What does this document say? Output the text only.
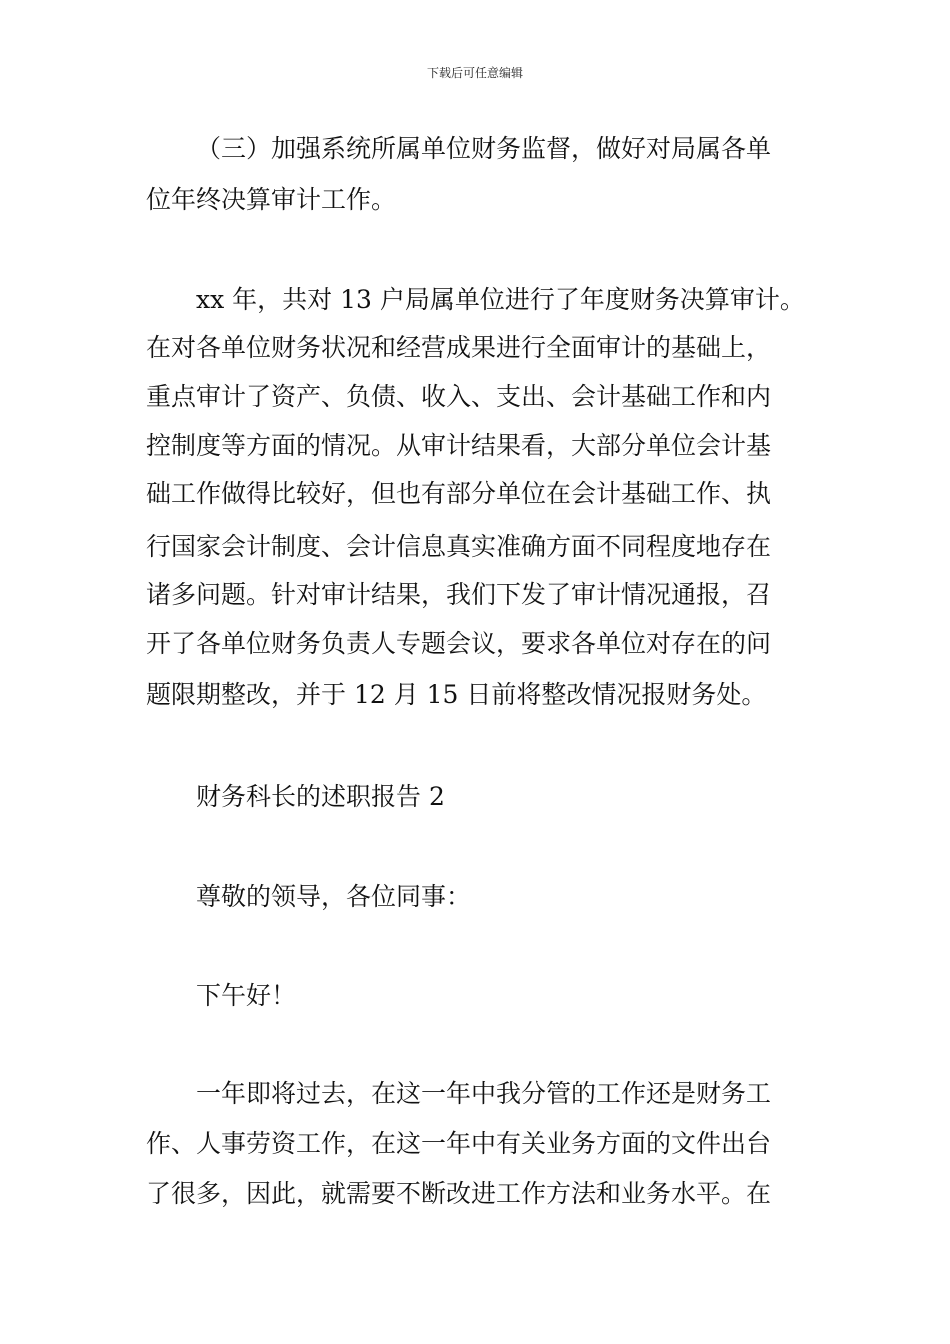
下载后可任意编辑
（三）加强系统所属单位财务监督，做好对局属各单
位年终决算审计工作。
xx 年，共对 13 户局属单位进行了年度财务决算审计。
在对各单位财务状况和经营成果进行全面审计的基础上，
重点审计了资产、负债、收入、支出、会计基础工作和内
控制度等方面的情况。从审计结果看，大部分单位会计基
础工作做得比较好，但也有部分单位在会计基础工作、执
行国家会计制度、会计信息真实准确方面不同程度地存在
诸多问题。针对审计结果，我们下发了审计情况通报，召
开了各单位财务负责人专题会议，要求各单位对存在的问
题限期整改，并于 12 月 15 日前将整改情况报财务处。
财务科长的述职报告 2
尊敬的领导，各位同事：
下午好！
一年即将过去，在这一年中我分管的工作还是财务工
作、人事劳资工作，在这一年中有关业务方面的文件出台
了很多，因此，就需要不断改进工作方法和业务水平。在
